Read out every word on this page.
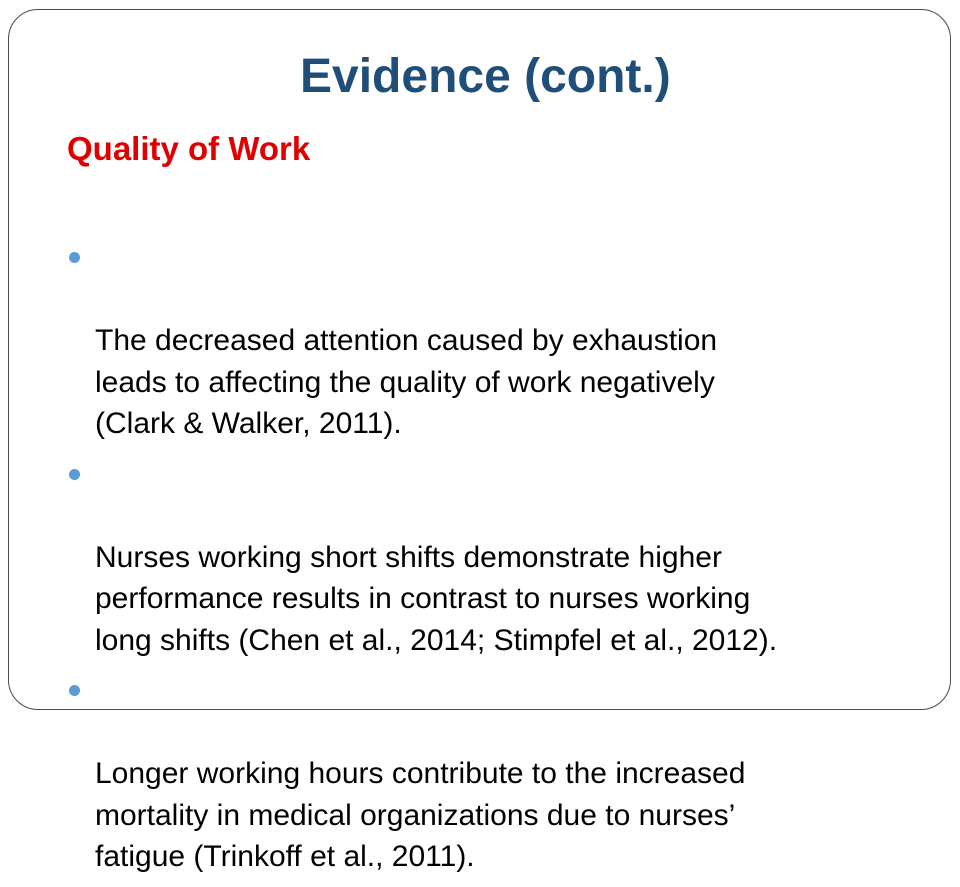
Evidence (cont.)
Quality of Work

The decreased attention caused by exhaustion
leads to affecting the quality of work negatively
(Clark & Walker, 2011).

Nurses working short shifts demonstrate higher
performance results in contrast to nurses working
long shifts (Chen et al., 2014; Stimpfel et al., 2012).

Longer working hours contribute to the increased
mortality in medical organizations due to nurses’
fatigue (Trinkoff et al., 2011).
